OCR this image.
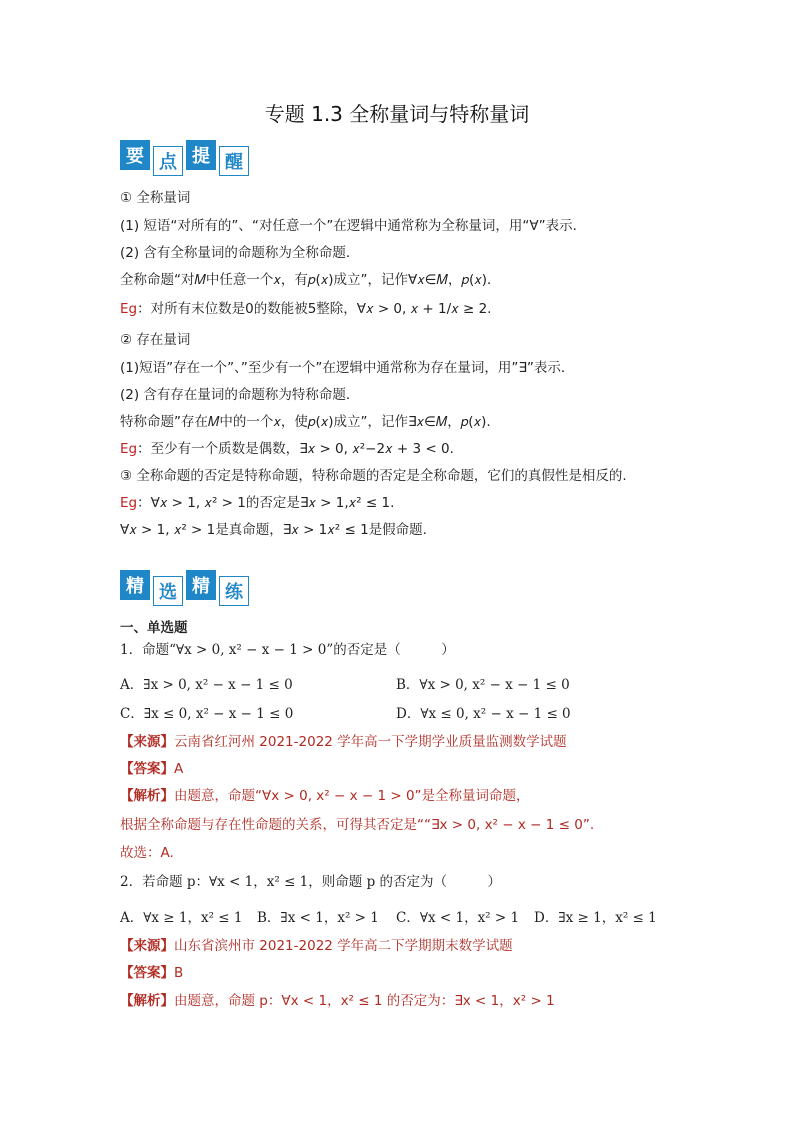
专题 1.3 全称量词与特称量词
要 点 提 醒
① 全称量词
(1) 短语“对所有的”、“对任意一个”在逻辑中通常称为全称量词，用“∀”表示．
(2) 含有全称量词的命题称为全称命题．
全称命题“对𝑀中任意一个𝑥，有𝑝(𝑥)成立”，记作∀𝑥∈𝑀，𝑝(𝑥)．
Eg：对所有末位数是0的数能被5整除，∀𝑥 > 0, 𝑥 + 1/𝑥 ≥ 2.
② 存在量词
(1)短语”存在一个”、”至少有一个”在逻辑中通常称为存在量词，用”∃”表示．
(2) 含有存在量词的命题称为特称命题．
特称命题”存在𝑀中的一个𝑥，使𝑝(𝑥)成立”，记作∃𝑥∈𝑀，𝑝(𝑥).
Eg：至少有一个质数是偶数，∃𝑥 > 0, 𝑥²−2𝑥 + 3 < 0.
③ 全称命题的否定是特称命题，特称命题的否定是全称命题，它们的真假性是相反的.
Eg：∀𝑥 > 1, 𝑥² > 1的否定是∃𝑥 > 1,𝑥² ≤ 1.
∀𝑥 > 1, 𝑥² > 1是真命题，∃𝑥 > 1𝑥² ≤ 1是假命题.
精 选 精 练
一、单选题
1．命题“∀x > 0, x² − x − 1 > 0”的否定是（　　　）
A．∃x > 0, x² − x − 1 ≤ 0	B．∀x > 0, x² − x − 1 ≤ 0
C．∃x ≤ 0, x² − x − 1 ≤ 0	D．∀x ≤ 0, x² − x − 1 ≤ 0
【来源】云南省红河州 2021-2022 学年高一下学期学业质量监测数学试题
【答案】A
【解析】由题意，命题“∀x > 0, x² − x − 1 > 0”是全称量词命题，
根据全称命题与存在性命题的关系，可得其否定是““∃x > 0, x² − x − 1 ≤ 0”.
故选：A.
2．若命题 p：∀x < 1，x² ≤ 1，则命题 p 的否定为（　　　）
A．∀x ≥ 1，x² ≤ 1 B．∃x < 1，x² > 1 C．∀x < 1，x² > 1 D．∃x ≥ 1，x² ≤ 1
【来源】山东省滨州市 2021-2022 学年高二下学期期末数学试题
【答案】B
【解析】由题意，命题 p：∀x < 1，x² ≤ 1 的否定为：∃x < 1，x² > 1
